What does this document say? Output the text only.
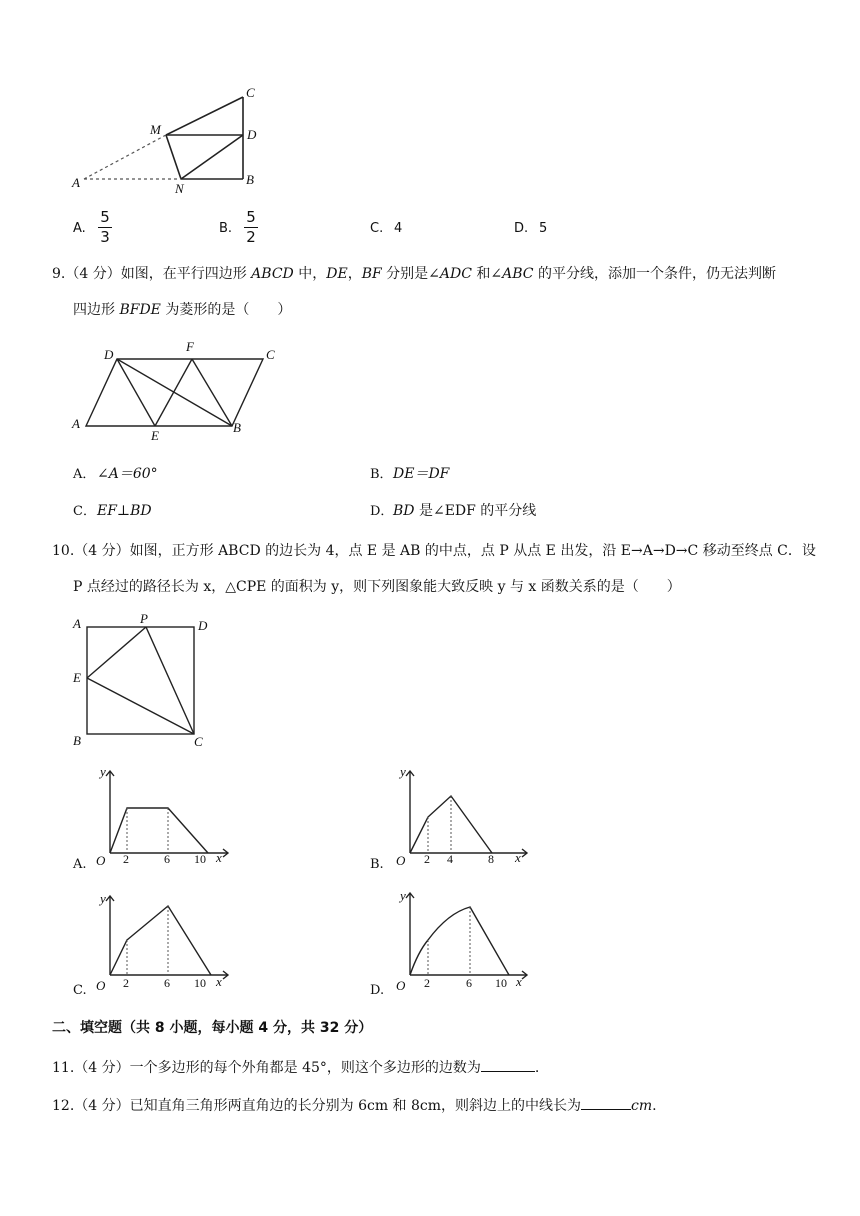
C
M	D
A	N
B
A.
5
3	B.
5
2	C. 4	D. 5
9.（4 分）如图，在平行四边形 ABCD 中，DE，BF 分别是∠ADC 和∠ABC 的平分线，添加一个条件，仍无法判断
四边形 BFDE 为菱形的是（　　）
D
F
C
A
E
B
A． ∠A＝60°	B． DE＝DF
C． EF⊥BD	D． BD 是∠EDF 的平分线
10.（4 分）如图，正方形 ABCD 的边长为 4，点 E 是 AB 的中点，点 P 从点 E 出发，沿 E→A→D→C 移动至终点 C．设
P 点经过的路径长为 x，△CPE 的面积为 y，则下列图象能大致反映 y 与 x 函数关系的是（　　）
A	P	D
E
B	C
A.
y
O 2	6 10 x	B.
y
O 2 4	8 x
C.
y
O 2	6 10 x
D.
y
O 2	6 10 x
二、填空题（共 8 小题，每小题 4 分，共 32 分）
11.（4 分）一个多边形的每个外角都是 45°，则这个多边形的边数为	.
12.（4 分）已知直角三角形两直角边的长分别为 6cm 和 8cm，则斜边上的中线长为	cm.
